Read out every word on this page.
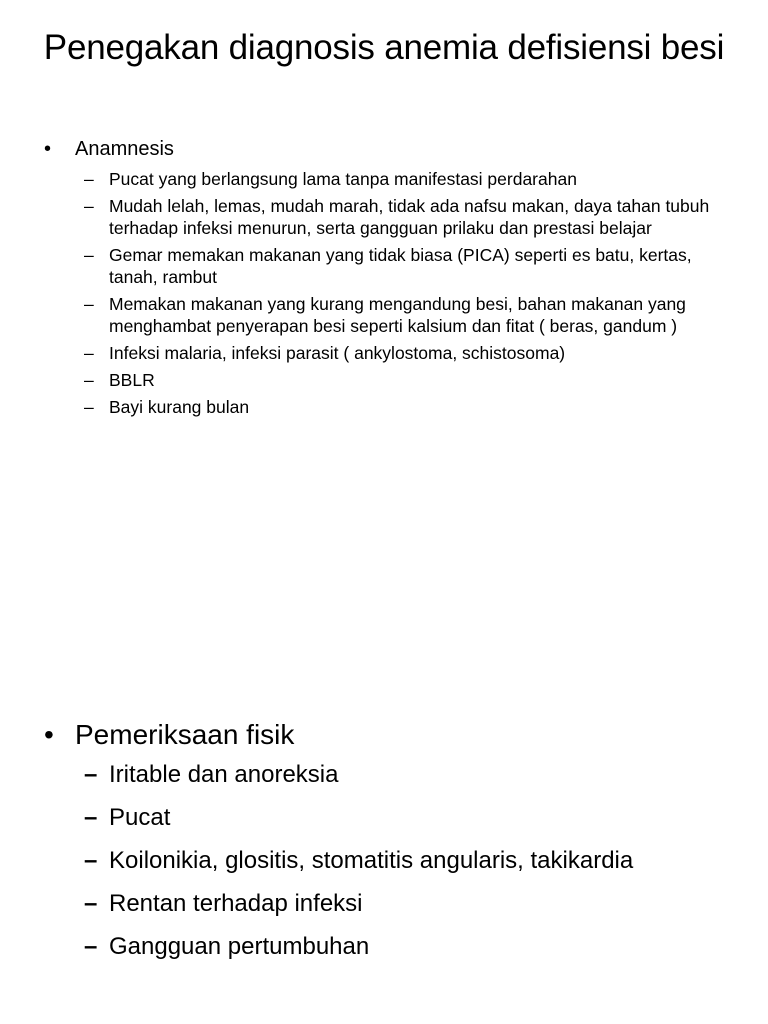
Penegakan diagnosis anemia defisiensi besi
• Anamnesis
– Pucat yang berlangsung lama tanpa manifestasi perdarahan
– Mudah lelah, lemas, mudah marah, tidak ada nafsu makan, daya tahan tubuh terhadap infeksi menurun, serta gangguan prilaku dan prestasi belajar
– Gemar memakan makanan yang tidak biasa (PICA) seperti es batu, kertas, tanah, rambut
– Memakan makanan yang kurang mengandung besi, bahan makanan yang menghambat penyerapan besi seperti kalsium dan fitat ( beras, gandum )
– Infeksi malaria, infeksi parasit ( ankylostoma, schistosoma)
– BBLR
– Bayi kurang bulan
• Pemeriksaan fisik
– Iritable dan anoreksia
– Pucat
– Koilonikia, glositis, stomatitis angularis, takikardia
– Rentan terhadap infeksi
– Gangguan pertumbuhan
